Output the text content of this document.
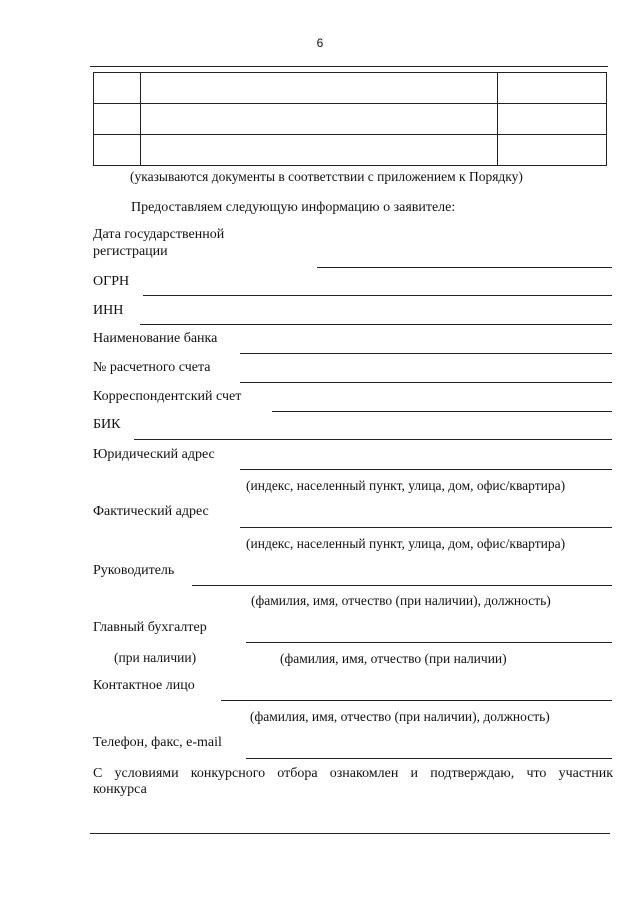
6

(указываются документы в соответствии с приложением к Порядку)
Предоставляем следующую информацию о заявителе:
Дата государственной
регистрации
ОГРН
ИНН
Наименование банка
№ расчетного счета
Корреспондентский счет
БИК
Юридический адрес
(индекс, населенный пункт, улица, дом, офис/квартира)
Фактический адрес
(индекс, населенный пункт, улица, дом, офис/квартира)
Руководитель
(фамилия, имя, отчество (при наличии), должность)
Главный бухгалтер
(при наличии)	(фамилия, имя, отчество (при наличии)
Контактное лицо
(фамилия, имя, отчество (при наличии), должность)
Телефон, факс, e-mail
С условиями конкурсного отбора ознакомлен и подтверждаю, что участник
конкурса
